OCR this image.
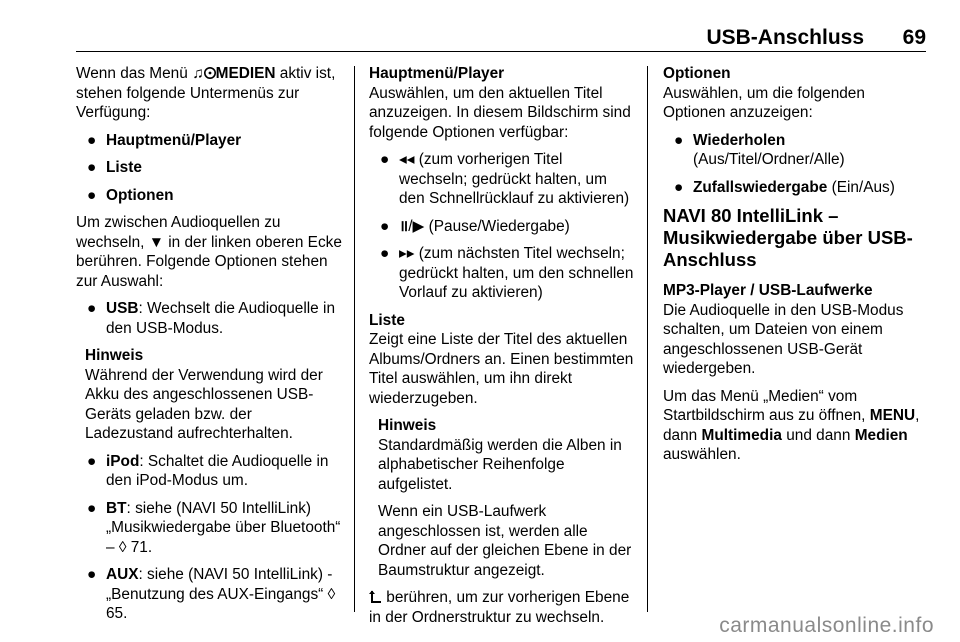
USB-Anschluss 69

Wenn das Menü ♫ MEDIEN aktiv ist, stehen folgende Untermenüs zur Verfügung:

● Hauptmenü/Player
● Liste
● Optionen

Um zwischen Audioquellen zu wechseln, ▼ in der linken oberen Ecke berühren. Folgende Optionen stehen zur Auswahl:

● USB: Wechselt die Audioquelle in den USB-Modus.
Hinweis
Während der Verwendung wird der Akku des angeschlossenen USB-Geräts geladen bzw. der Ladezustand aufrechterhalten.
● iPod: Schaltet die Audioquelle in den iPod-Modus um.
● BT: siehe (NAVI 50 IntelliLink) „Musikwiedergabe über Bluetooth“ – ◊ 71.
● AUX: siehe (NAVI 50 IntelliLink) - „Benutzung des AUX-Eingangs“ ◊ 65.
Hauptmenü/Player

Auswählen, um den aktuellen Titel anzuzeigen. In diesem Bildschirm sind folgende Optionen verfügbar:

● ◂◂ (zum vorherigen Titel wechseln; gedrückt halten, um den Schnellrücklauf zu aktivieren)
● ॥/▶ (Pause/Wiedergabe)
● ▸▸ (zum nächsten Titel wechseln; gedrückt halten, um den schnellen Vorlauf zu aktivieren)
Liste

Zeigt eine Liste der Titel des aktuellen Albums/Ordners an. Einen bestimmten Titel auswählen, um ihn direkt wiederzugeben.

Hinweis

Standardmäßig werden die Alben in alphabetischer Reihenfolge aufgelistet.

Wenn ein USB-Laufwerk angeschlossen ist, werden alle Ordner auf der gleichen Ebene in der Baumstruktur angezeigt.

berühren, um zur vorherigen Ebene in der Ordnerstruktur zu wechseln.

Optionen

Auswählen, um die folgenden Optionen anzuzeigen:

● Wiederholen (Aus/Titel/Ordner/Alle)
● Zufallswiedergabe (Ein/Aus)
NAVI 80 IntelliLink – Musikwiedergabe über USB-Anschluss
MP3-Player / USB-Laufwerke

Die Audioquelle in den USB-Modus schalten, um Dateien von einem angeschlossenen USB-Gerät wiedergeben.

Um das Menü „Medien“ vom Startbildschirm aus zu öffnen, MENU, dann Multimedia und dann Medien auswählen.

carmanualsonline.info
